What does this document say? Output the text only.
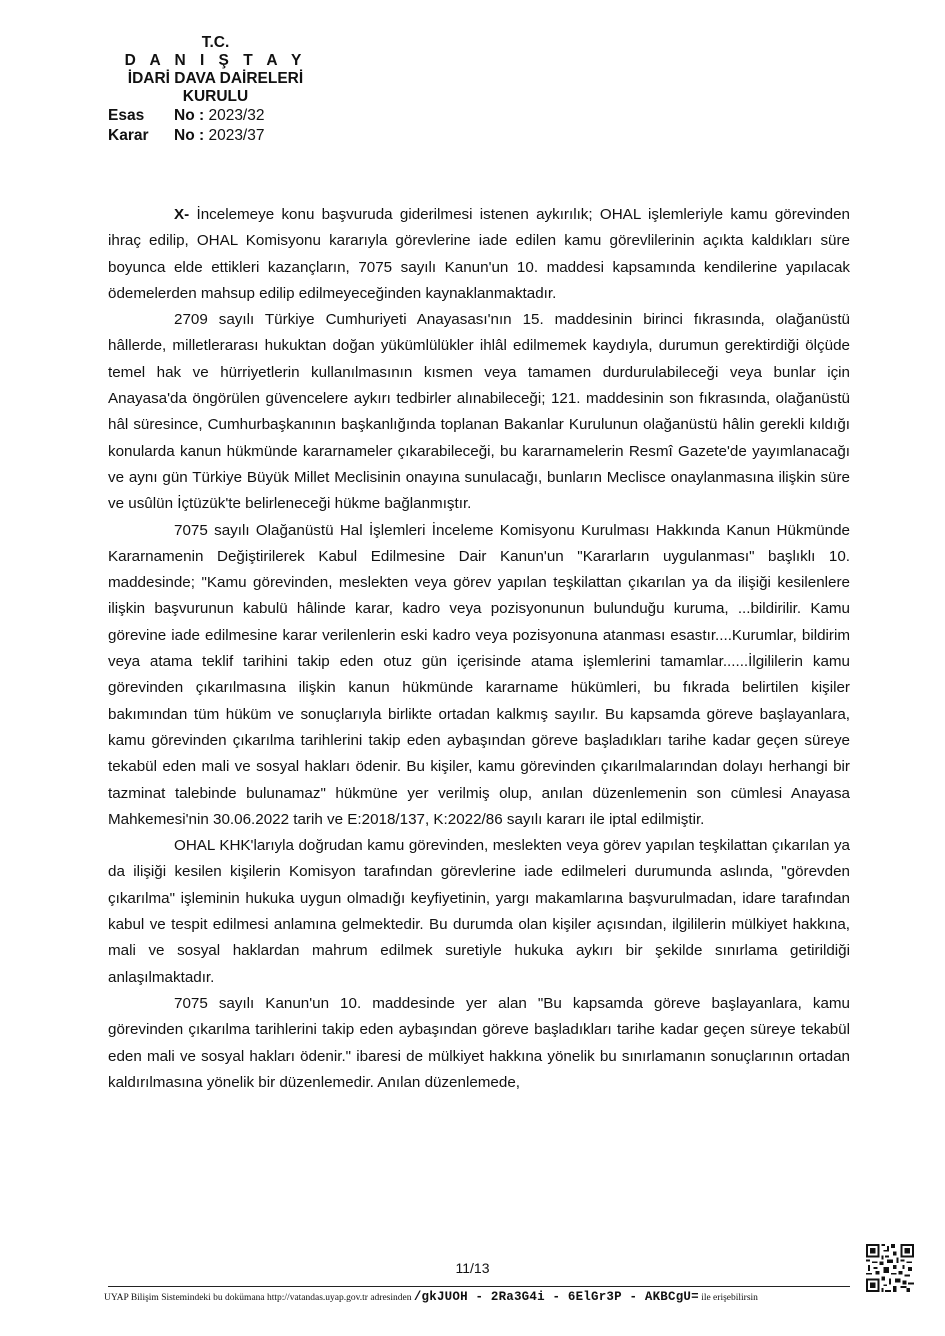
T.C.
D A N I Ş T A Y
İDARİ DAVA DAİRELERİ
KURULU
Esas No : 2023/32
Karar No : 2023/37

X- İncelemeye konu başvuruda giderilmesi istenen aykırılık; OHAL işlemleriyle kamu görevinden ihraç edilip, OHAL Komisyonu kararıyla görevlerine iade edilen kamu görevlilerinin açıkta kaldıkları süre boyunca elde ettikleri kazançların, 7075 sayılı Kanun'un 10. maddesi kapsamında kendilerine yapılacak ödemelerden mahsup edilip edilmeyeceğinden kaynaklanmaktadır.

2709 sayılı Türkiye Cumhuriyeti Anayasası'nın 15. maddesinin birinci fıkrasında, olağanüstü hâllerde, milletlerarası hukuktan doğan yükümlülükler ihlâl edilmemek kaydıyla, durumun gerektirdiği ölçüde temel hak ve hürriyetlerin kullanılmasının kısmen veya tamamen durdurulabileceği veya bunlar için Anayasa'da öngörülen güvencelere aykırı tedbirler alınabileceği; 121. maddesinin son fıkrasında, olağanüstü hâl süresince, Cumhurbaşkanının başkanlığında toplanan Bakanlar Kurulunun olağanüstü hâlin gerekli kıldığı konularda kanun hükmünde kararnameler çıkarabileceği, bu kararnamelerin Resmî Gazete'de yayımlanacağı ve aynı gün Türkiye Büyük Millet Meclisinin onayına sunulacağı, bunların Meclisce onaylanmasına ilişkin süre ve usûlün İçtüzük'te belirleneceği hükme bağlanmıştır.

7075 sayılı Olağanüstü Hal İşlemleri İnceleme Komisyonu Kurulması Hakkında Kanun Hükmünde Kararnamenin Değiştirilerek Kabul Edilmesine Dair Kanun'un "Kararların uygulanması" başlıklı 10. maddesinde; "Kamu görevinden, meslekten veya görev yapılan teşkilattan çıkarılan ya da ilişiği kesilenlere ilişkin başvurunun kabulü hâlinde karar, kadro veya pozisyonunun bulunduğu kuruma, ...bildirilir. Kamu görevine iade edilmesine karar verilenlerin eski kadro veya pozisyonuna atanması esastır....Kurumlar, bildirim veya atama teklif tarihini takip eden otuz gün içerisinde atama işlemlerini tamamlar......İlgililerin kamu görevinden çıkarılmasına ilişkin kanun hükmünde kararname hükümleri, bu fıkrada belirtilen kişiler bakımından tüm hüküm ve sonuçlarıyla birlikte ortadan kalkmış sayılır. Bu kapsamda göreve başlayanlara, kamu görevinden çıkarılma tarihlerini takip eden aybaşından göreve başladıkları tarihe kadar geçen süreye tekabül eden mali ve sosyal hakları ödenir. Bu kişiler, kamu görevinden çıkarılmalarından dolayı herhangi bir tazminat talebinde bulunamaz" hükmüne yer verilmiş olup, anılan düzenlemenin son cümlesi Anayasa Mahkemesi'nin 30.06.2022 tarih ve E:2018/137, K:2022/86 sayılı kararı ile iptal edilmiştir.

OHAL KHK'larıyla doğrudan kamu görevinden, meslekten veya görev yapılan teşkilattan çıkarılan ya da ilişiği kesilen kişilerin Komisyon tarafından görevlerine iade edilmeleri durumunda aslında, "görevden çıkarılma" işleminin hukuka uygun olmadığı keyfiyetinin, yargı makamlarına başvurulmadan, idare tarafından kabul ve tespit edilmesi anlamına gelmektedir. Bu durumda olan kişiler açısından, ilgililerin mülkiyet hakkına, mali ve sosyal haklardan mahrum edilmek suretiyle hukuka aykırı bir şekilde sınırlama getirildiği anlaşılmaktadır.

7075 sayılı Kanun'un 10. maddesinde yer alan "Bu kapsamda göreve başlayanlara, kamu görevinden çıkarılma tarihlerini takip eden aybaşından göreve başladıkları tarihe kadar geçen süreye tekabül eden mali ve sosyal hakları ödenir." ibaresi de mülkiyet hakkına yönelik bu sınırlamanın sonuçlarının ortadan kaldırılmasına yönelik bir düzenlemedir. Anılan düzenlemede,

11/13
UYAP Bilişim Sistemindeki bu dokümana http://vatandas.uyap.gov.tr adresinden /gkJUOH - 2Ra3G4i - 6ElGr3P - AKBCgU= ile erişebilirsin
